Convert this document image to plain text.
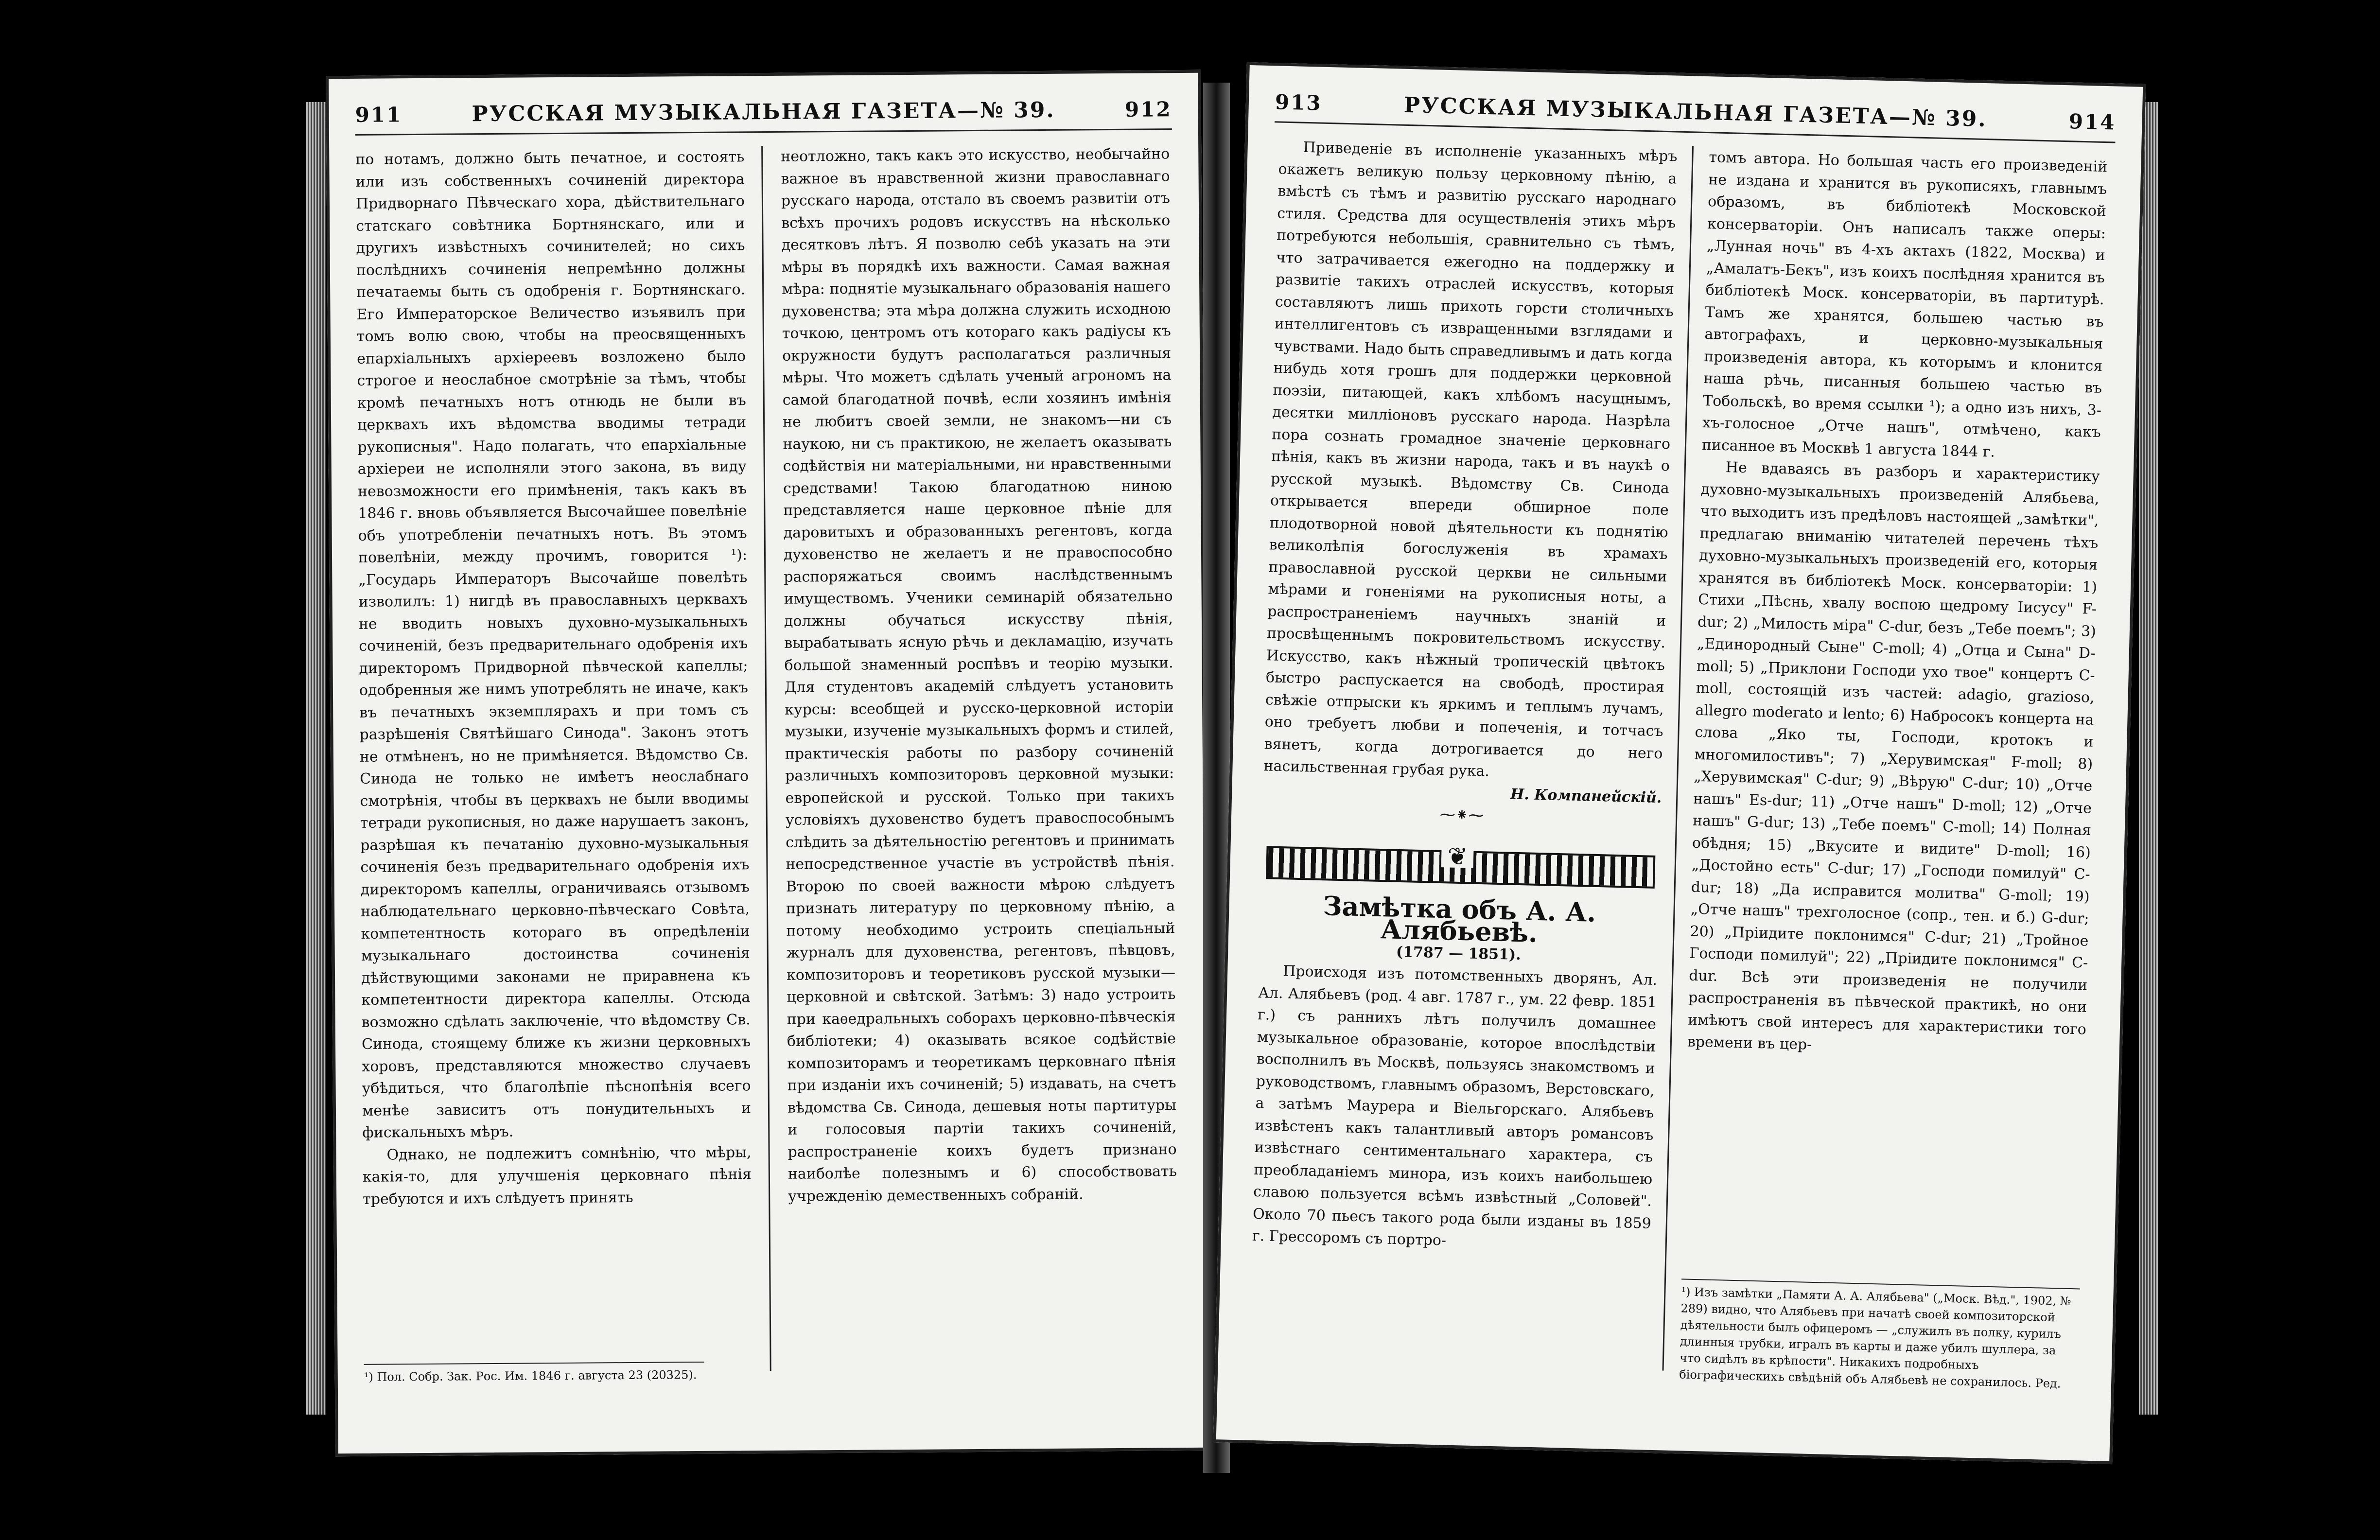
911	РУССКАЯ МУЗЫКАЛЬНАЯ ГАЗЕТА—№ 39.	912

по нотамъ, должно быть печатное, и состоять или изъ собственныхъ сочиненій директора Придворнаго Пѣвческаго хора, дѣйствительнаго статскаго совѣтника Бортнянскаго, или и другихъ извѣстныхъ сочинителей; но сихъ послѣднихъ сочиненія непремѣнно должны печатаемы быть съ одобренія г. Бортнянскаго. Его Императорское Величество изъявилъ при томъ волю свою, чтобы на преосвященныхъ епархіальныхъ архіереевъ возложено было строгое и неослабное смотрѣніе за тѣмъ, чтобы кромѣ печатныхъ нотъ отнюдь не были въ церквахъ ихъ вѣдомства вводимы тетради рукописныя". Надо полагать, что епархіальные архіереи не исполняли этого закона, въ виду невозможности его примѣненія, такъ какъ въ 1846 г. вновь объявляется Высочайшее повелѣніе объ употребленіи печатныхъ нотъ. Въ этомъ повелѣніи, между прочимъ, говорится ¹): „Государь Императоръ Высочайше повелѣть изволилъ: 1) нигдѣ въ православныхъ церквахъ не вводить новыхъ духовно-музыкальныхъ сочиненій, безъ предварительнаго одобренія ихъ директоромъ Придворной пѣвческой капеллы; одобренныя же нимъ употреблять не иначе, какъ въ печатныхъ экземплярахъ и при томъ съ разрѣшенія Святѣйшаго Синода". Законъ этотъ не отмѣненъ, но не примѣняется. Вѣдомство Св. Синода не только не имѣетъ неослабнаго смотрѣнія, чтобы въ церквахъ не были вводимы тетради рукописныя, но даже нарушаетъ законъ, разрѣшая къ печатанію духовно-музыкальныя сочиненія безъ предварительнаго одобренія ихъ директоромъ капеллы, ограничиваясь отзывомъ наблюдательнаго церковно-пѣвческаго Совѣта, компетентность котораго въ опредѣленіи музыкальнаго достоинства сочиненія дѣйствующими законами не приравнена къ компетентности директора капеллы. Отсюда возможно сдѣлать заключеніе, что вѣдомству Св. Синода, стоящему ближе къ жизни церковныхъ хоровъ, представляются множество случаевъ убѣдиться, что благолѣпіе пѣснопѣнія всего менѣе зависитъ отъ понудительныхъ и фискальныхъ мѣръ.

Однако, не подлежитъ сомнѣнію, что мѣры, какія-то, для улучшенія церковнаго пѣнія требуются и ихъ слѣдуетъ принять

¹) Пол. Собр. Зак. Рос. Им. 1846 г. августа 23 (20325).

неотложно, такъ какъ это искусство, необычайно важное въ нравственной жизни православнаго русскаго народа, отстало въ своемъ развитіи отъ всѣхъ прочихъ родовъ искусствъ на нѣсколько десятковъ лѣтъ. Я позволю себѣ указать на эти мѣры въ порядкѣ ихъ важности. Самая важная мѣра: поднятіе музыкальнаго образованія нашего духовенства; эта мѣра должна служить исходною точкою, центромъ отъ котораго какъ радіусы къ окружности будутъ располагаться различныя мѣры. Что можетъ сдѣлать ученый агрономъ на самой благодатной почвѣ, если хозяинъ имѣнія не любитъ своей земли, не знакомъ—ни съ наукою, ни съ практикою, не желаетъ оказывать содѣйствія ни матеріальными, ни нравственными средствами! Такою благодатною ниною представляется наше церковное пѣніе для даровитыхъ и образованныхъ регентовъ, когда духовенство не желаетъ и не правоспособно распоряжаться своимъ наслѣдственнымъ имуществомъ. Ученики семинарій обязательно должны обучаться искусству пѣнія, вырабатывать ясную рѣчь и декламацію, изучать большой знаменный роспѣвъ и теорію музыки. Для студентовъ академій слѣдуетъ установить курсы: всеобщей и русско-церковной исторіи музыки, изученіе музыкальныхъ формъ и стилей, практическія работы по разбору сочиненій различныхъ композиторовъ церковной музыки: европейской и русской. Только при такихъ условіяхъ духовенство будетъ правоспособнымъ слѣдить за дѣятельностію регентовъ и принимать непосредственное участіе въ устройствѣ пѣнія. Второю по своей важности мѣрою слѣдуетъ признать литературу по церковному пѣнію, а потому необходимо устроить спеціальный журналъ для духовенства, регентовъ, пѣвцовъ, композиторовъ и теоретиковъ русской музыки—церковной и свѣтской. Затѣмъ: 3) надо устроить при каѳедральныхъ соборахъ церковно-пѣвческія библіотеки; 4) оказывать всякое содѣйствіе композиторамъ и теоретикамъ церковнаго пѣнія при изданіи ихъ сочиненій; 5) издавать, на счетъ вѣдомства Св. Синода, дешевыя ноты партитуры и голосовыя партіи такихъ сочиненій, распространеніе коихъ будетъ признано наиболѣе полезнымъ и 6) способствовать учрежденію демественныхъ собраній.

913	РУССКАЯ МУЗЫКАЛЬНАЯ ГАЗЕТА—№ 39.	914

Приведеніе въ исполненіе указанныхъ мѣръ окажетъ великую пользу церковному пѣнію, а вмѣстѣ съ тѣмъ и развитію русскаго народнаго стиля. Средства для осуществленія этихъ мѣръ потребуются небольшія, сравнительно съ тѣмъ, что затрачивается ежегодно на поддержку и развитіе такихъ отраслей искусствъ, которыя составляютъ лишь прихоть горсти столичныхъ интеллигентовъ съ извращенными взглядами и чувствами. Надо быть справедливымъ и дать когда нибудь хотя грошъ для поддержки церковной поэзіи, питающей, какъ хлѣбомъ насущнымъ, десятки милліоновъ русскаго народа. Назрѣла пора сознать громадное значеніе церковнаго пѣнія, какъ въ жизни народа, такъ и въ наукѣ о русской музыкѣ. Вѣдомству Св. Синода открывается впереди обширное поле плодотворной новой дѣятельности къ поднятію великолѣпія богослуженія въ храмахъ православной русской церкви не сильными мѣрами и гоненіями на рукописныя ноты, а распространеніемъ научныхъ знаній и просвѣщеннымъ покровительствомъ искусству. Искусство, какъ нѣжный тропическій цвѣтокъ быстро распускается на свободѣ, простирая свѣжіе отпрыски къ яркимъ и теплымъ лучамъ, оно требуетъ любви и попеченія, и тотчасъ вянетъ, когда дотрогивается до него насильственная грубая рука.

Н. Компанейскій.

⁓⁕⁓

❦

Замѣтка объ А. А. Алябьевѣ.

(1787 — 1851).

Происходя изъ потомственныхъ дворянъ, Ал. Ал. Алябьевъ (род. 4 авг. 1787 г., ум. 22 февр. 1851 г.) съ раннихъ лѣтъ получилъ домашнее музыкальное образованіе, которое впослѣдствіи восполнилъ въ Москвѣ, пользуясь знакомствомъ и руководствомъ, главнымъ образомъ, Верстовскаго, а затѣмъ Маурера и Віельгорскаго. Алябьевъ извѣстенъ какъ талантливый авторъ романсовъ извѣстнаго сентиментальнаго характера, съ преобладаніемъ минора, изъ коихъ наибольшею славою пользуется всѣмъ извѣстный „Соловей". Около 70 пьесъ такого рода были изданы въ 1859 г. Грессоромъ съ портро-

томъ автора. Но большая часть его произведеній не издана и хранится въ рукописяхъ, главнымъ образомъ, въ библіотекѣ Московской консерваторіи. Онъ написалъ также оперы: „Лунная ночь" въ 4-хъ актахъ (1822, Москва) и „Амалатъ-Бекъ", изъ коихъ послѣдняя хранится въ библіотекѣ Моск. консерваторіи, въ партитурѣ. Тамъ же хранятся, большею частью въ автографахъ, и церковно-музыкальныя произведенія автора, къ которымъ и клонится наша рѣчь, писанныя большею частью въ Тобольскѣ, во время ссылки ¹); а одно изъ нихъ, 3-хъ-голосное „Отче нашъ", отмѣчено, какъ писанное въ Москвѣ 1 августа 1844 г.

Не вдаваясь въ разборъ и характеристику духовно-музыкальныхъ произведеній Алябьева, что выходитъ изъ предѣловъ настоящей „замѣтки", предлагаю вниманію читателей перечень тѣхъ духовно-музыкальныхъ произведеній его, которыя хранятся въ библіотекѣ Моск. консерваторіи: 1) Стихи „Пѣснь, хвалу воспою щедрому Іисусу" F-dur; 2) „Милость міра" C-dur, безъ „Тебе поемъ"; 3) „Единородный Сыне" C-moll; 4) „Отца и Сына" D-moll; 5) „Приклони Господи ухо твое" концертъ C-moll, состоящій изъ частей: adagio, grazioso, allegro moderato и lento; 6) Набросокъ концерта на слова „Яко ты, Господи, кротокъ и многомилостивъ"; 7) „Херувимская" F-moll; 8) „Херувимская" C-dur; 9) „Вѣрую" C-dur; 10) „Отче нашъ" Es-dur; 11) „Отче нашъ" D-moll; 12) „Отче нашъ" G-dur; 13) „Тебе поемъ" C-moll; 14) Полная обѣдня; 15) „Вкусите и видите" D-moll; 16) „Достойно есть" C-dur; 17) „Господи помилуй" C-dur; 18) „Да исправится молитва" G-moll; 19) „Отче нашъ" трехголосное (сопр., тен. и б.) G-dur; 20) „Пріидите поклонимся" C-dur; 21) „Тройное Господи помилуй"; 22) „Пріидите поклонимся" C-dur. Всѣ эти произведенія не получили распространенія въ пѣвческой практикѣ, но они имѣютъ свой интересъ для характеристики того времени въ цер-

¹) Изъ замѣтки „Памяти А. А. Алябьева" („Моск. Вѣд.", 1902, № 289) видно, что Алябьевъ при начатѣ своей композиторской дѣятельности былъ офицеромъ — „служилъ въ полку, курилъ длинныя трубки, игралъ въ карты и даже убилъ шуллера, за что сидѣлъ въ крѣпости". Никакихъ подробныхъ біографическихъ свѣдѣній объ Алябьевѣ не сохранилось. Ред.
